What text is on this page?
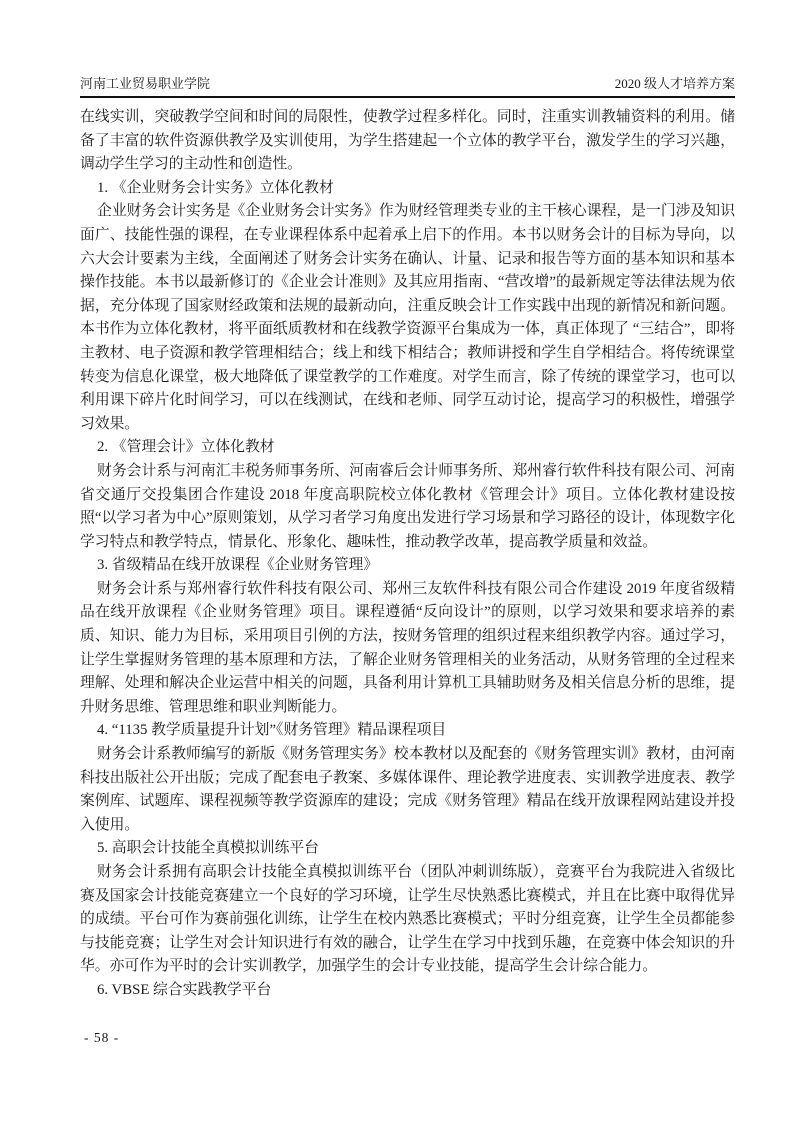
河南工业贸易职业学院	2020 级人才培养方案

在线实训，突破教学空间和时间的局限性，使教学过程多样化。同时，注重实训教辅资料的利用。储备了丰富的软件资源供教学及实训使用，为学生搭建起一个立体的教学平台，激发学生的学习兴趣，调动学生学习的主动性和创造性。

1. 《企业财务会计实务》立体化教材

企业财务会计实务是《企业财务会计实务》作为财经管理类专业的主干核心课程，是一门涉及知识面广、技能性强的课程，在专业课程体系中起着承上启下的作用。本书以财务会计的目标为导向，以六大会计要素为主线，全面阐述了财务会计实务在确认、计量、记录和报告等方面的基本知识和基本操作技能。本书以最新修订的《企业会计准则》及其应用指南、“营改增”的最新规定等法律法规为依据，充分体现了国家财经政策和法规的最新动向，注重反映会计工作实践中出现的新情况和新问题。本书作为立体化教材，将平面纸质教材和在线教学资源平台集成为一体，真正体现了 “三结合”，即将主教材、电子资源和教学管理相结合；线上和线下相结合；教师讲授和学生自学相结合。将传统课堂转变为信息化课堂，极大地降低了课堂教学的工作难度。对学生而言，除了传统的课堂学习，也可以利用课下碎片化时间学习，可以在线测试，在线和老师、同学互动讨论，提高学习的积极性，增强学习效果。

2. 《管理会计》立体化教材

财务会计系与河南汇丰税务师事务所、河南睿后会计师事务所、郑州睿行软件科技有限公司、河南省交通厅交投集团合作建设 2018 年度高职院校立体化教材《管理会计》项目。立体化教材建设按照“以学习者为中心”原则策划，从学习者学习角度出发进行学习场景和学习路径的设计，体现数字化学习特点和教学特点，情景化、形象化、趣味性，推动教学改革，提高教学质量和效益。

3. 省级精品在线开放课程《企业财务管理》

财务会计系与郑州睿行软件科技有限公司、郑州三友软件科技有限公司合作建设 2019 年度省级精品在线开放课程《企业财务管理》项目。课程遵循“反向设计”的原则，以学习效果和要求培养的素质、知识、能力为目标，采用项目引例的方法，按财务管理的组织过程来组织教学内容。通过学习，让学生掌握财务管理的基本原理和方法，了解企业财务管理相关的业务活动，从财务管理的全过程来理解、处理和解决企业运营中相关的问题，具备利用计算机工具辅助财务及相关信息分析的思维，提升财务思维、管理思维和职业判断能力。

4. “1135 教学质量提升计划”《财务管理》精品课程项目

财务会计系教师编写的新版《财务管理实务》校本教材以及配套的《财务管理实训》教材，由河南科技出版社公开出版；完成了配套电子教案、多媒体课件、理论教学进度表、实训教学进度表、教学案例库、试题库、课程视频等教学资源库的建设；完成《财务管理》精品在线开放课程网站建设并投入使用。

5. 高职会计技能全真模拟训练平台

财务会计系拥有高职会计技能全真模拟训练平台（团队冲刺训练版），竞赛平台为我院进入省级比赛及国家会计技能竞赛建立一个良好的学习环境，让学生尽快熟悉比赛模式，并且在比赛中取得优异的成绩。平台可作为赛前强化训练，让学生在校内熟悉比赛模式；平时分组竞赛，让学生全员都能参与技能竞赛；让学生对会计知识进行有效的融合，让学生在学习中找到乐趣，在竞赛中体会知识的升华。亦可作为平时的会计实训教学，加强学生的会计专业技能，提高学生会计综合能力。

6. VBSE 综合实践教学平台

- 58 -
